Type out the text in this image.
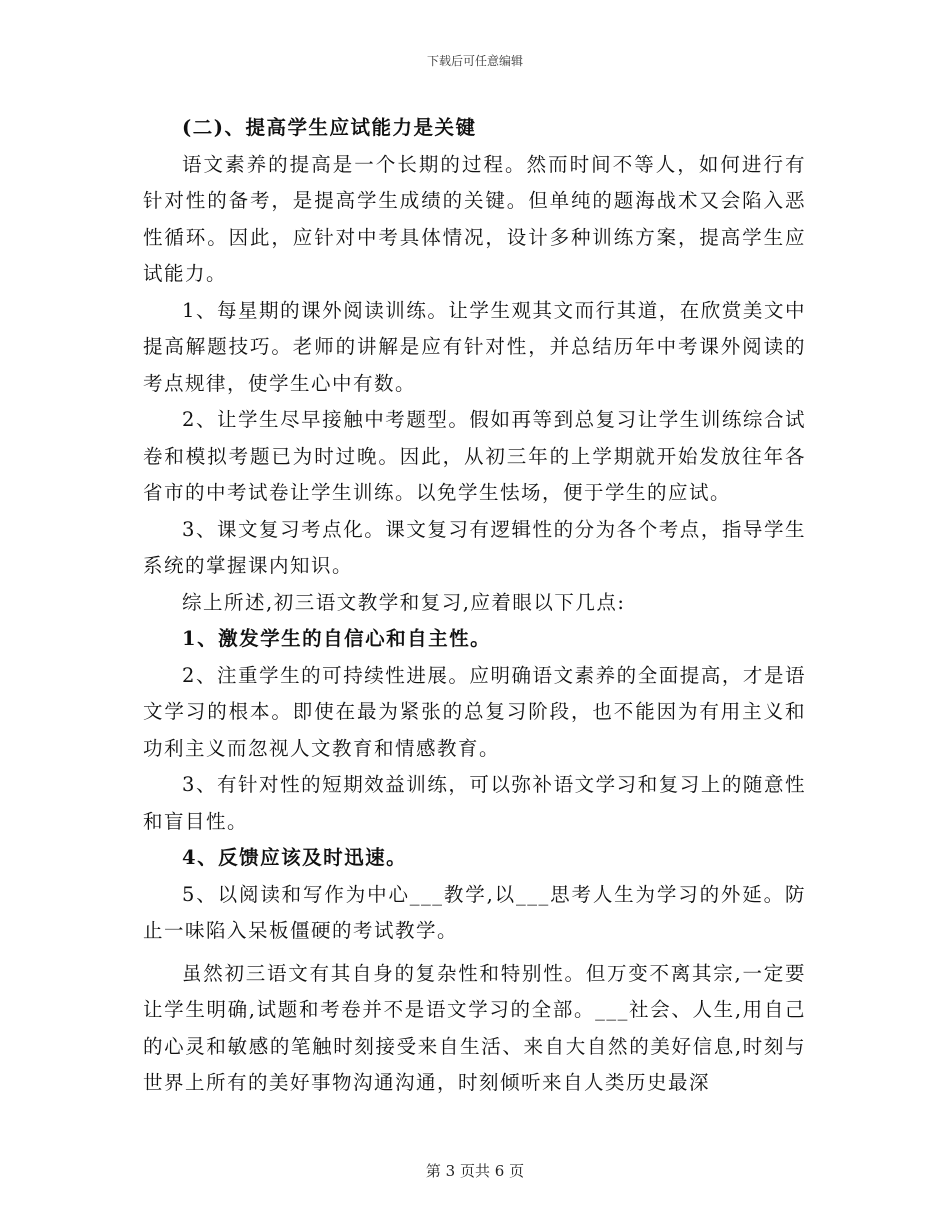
下载后可任意编辑

(二)、提高学生应试能力是关键

语文素养的提高是一个长期的过程。然而时间不等人，如何进行有针对性的备考，是提高学生成绩的关键。但单纯的题海战术又会陷入恶性循环。因此，应针对中考具体情况，设计多种训练方案，提高学生应试能力。

1、每星期的课外阅读训练。让学生观其文而行其道，在欣赏美文中提高解题技巧。老师的讲解是应有针对性，并总结历年中考课外阅读的考点规律，使学生心中有数。

2、让学生尽早接触中考题型。假如再等到总复习让学生训练综合试卷和模拟考题已为时过晚。因此，从初三年的上学期就开始发放往年各省市的中考试卷让学生训练。以免学生怯场，便于学生的应试。

3、课文复习考点化。课文复习有逻辑性的分为各个考点，指导学生系统的掌握课内知识。

综上所述,初三语文教学和复习,应着眼以下几点:

1、激发学生的自信心和自主性。

2、注重学生的可持续性进展。应明确语文素养的全面提高，才是语文学习的根本。即使在最为紧张的总复习阶段，也不能因为有用主义和功利主义而忽视人文教育和情感教育。

3、有针对性的短期效益训练，可以弥补语文学习和复习上的随意性和盲目性。

4、反馈应该及时迅速。

5、以阅读和写作为中心___教学,以___思考人生为学习的外延。防止一味陷入呆板僵硬的考试教学。

虽然初三语文有其自身的复杂性和特别性。但万变不离其宗,一定要让学生明确,试题和考卷并不是语文学习的全部。___社会、人生,用自己的心灵和敏感的笔触时刻接受来自生活、来自大自然的美好信息,时刻与世界上所有的美好事物沟通沟通，时刻倾听来自人类历史最深

第 3 页共 6 页
